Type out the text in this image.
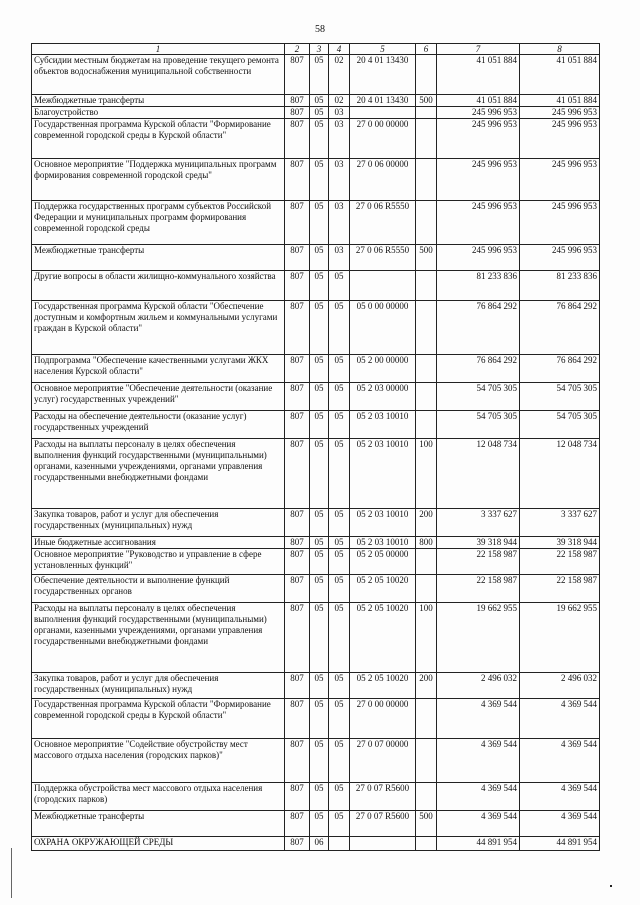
58
1	2	3	4	5	6	7	8
Субсидии местным бюджетам на проведение текущего ремонта объектов водоснабжения муниципальной собственности	807	05	02	20 4 01 13430		41 051 884	41 051 884
Межбюджетные трансферты	807	05	02	20 4 01 13430	500	41 051 884	41 051 884
Благоустройство	807	05	03			245 996 953	245 996 953
Государственная программа Курской области "Формирование современной городской среды в Курской области"	807	05	03	27 0 00 00000		245 996 953	245 996 953
Основное мероприятие "Поддержка муниципальных программ формирования современной городской среды"	807	05	03	27 0 06 00000		245 996 953	245 996 953
Поддержка государственных программ субъектов Российской Федерации и муниципальных программ формирования современной городской среды	807	05	03	27 0 06 R5550		245 996 953	245 996 953
Межбюджетные трансферты	807	05	03	27 0 06 R5550	500	245 996 953	245 996 953
Другие вопросы в области жилищно-коммунального хозяйства	807	05	05			81 233 836	81 233 836
Государственная программа Курской области "Обеспечение доступным и комфортным жильем и коммунальными услугами граждан в Курской области"	807	05	05	05 0 00 00000		76 864 292	76 864 292
Подпрограмма "Обеспечение качественными услугами ЖКХ населения Курской области"	807	05	05	05 2 00 00000		76 864 292	76 864 292
Основное мероприятие "Обеспечение деятельности (оказание услуг) государственных учреждений"	807	05	05	05 2 03 00000		54 705 305	54 705 305
Расходы на обеспечение деятельности (оказание услуг) государственных учреждений	807	05	05	05 2 03 10010		54 705 305	54 705 305
Расходы на выплаты персоналу в целях обеспечения выполнения функций государственными (муниципальными) органами, казенными учреждениями, органами управления государственными внебюджетными фондами	807	05	05	05 2 03 10010	100	12 048 734	12 048 734
Закупка товаров, работ и услуг для обеспечения государственных (муниципальных) нужд	807	05	05	05 2 03 10010	200	3 337 627	3 337 627
Иные бюджетные ассигнования	807	05	05	05 2 03 10010	800	39 318 944	39 318 944
Основное мероприятие "Руководство и управление в сфере установленных функций"	807	05	05	05 2 05 00000		22 158 987	22 158 987
Обеспечение деятельности и выполнение функций государственных органов	807	05	05	05 2 05 10020		22 158 987	22 158 987
Расходы на выплаты персоналу в целях обеспечения выполнения функций государственными (муниципальными) органами, казенными учреждениями, органами управления государственными внебюджетными фондами	807	05	05	05 2 05 10020	100	19 662 955	19 662 955
Закупка товаров, работ и услуг для обеспечения государственных (муниципальных) нужд	807	05	05	05 2 05 10020	200	2 496 032	2 496 032
Государственная программа Курской области "Формирование современной городской среды в Курской области"	807	05	05	27 0 00 00000		4 369 544	4 369 544
Основное мероприятие "Содействие обустройству мест массового отдыха населения (городских парков)"	807	05	05	27 0 07 00000		4 369 544	4 369 544
Поддержка обустройства мест массового отдыха населения (городских парков)	807	05	05	27 0 07 R5600		4 369 544	4 369 544
Межбюджетные трансферты	807	05	05	27 0 07 R5600	500	4 369 544	4 369 544
ОХРАНА ОКРУЖАЮЩЕЙ СРЕДЫ	807	06				44 891 954	44 891 954
